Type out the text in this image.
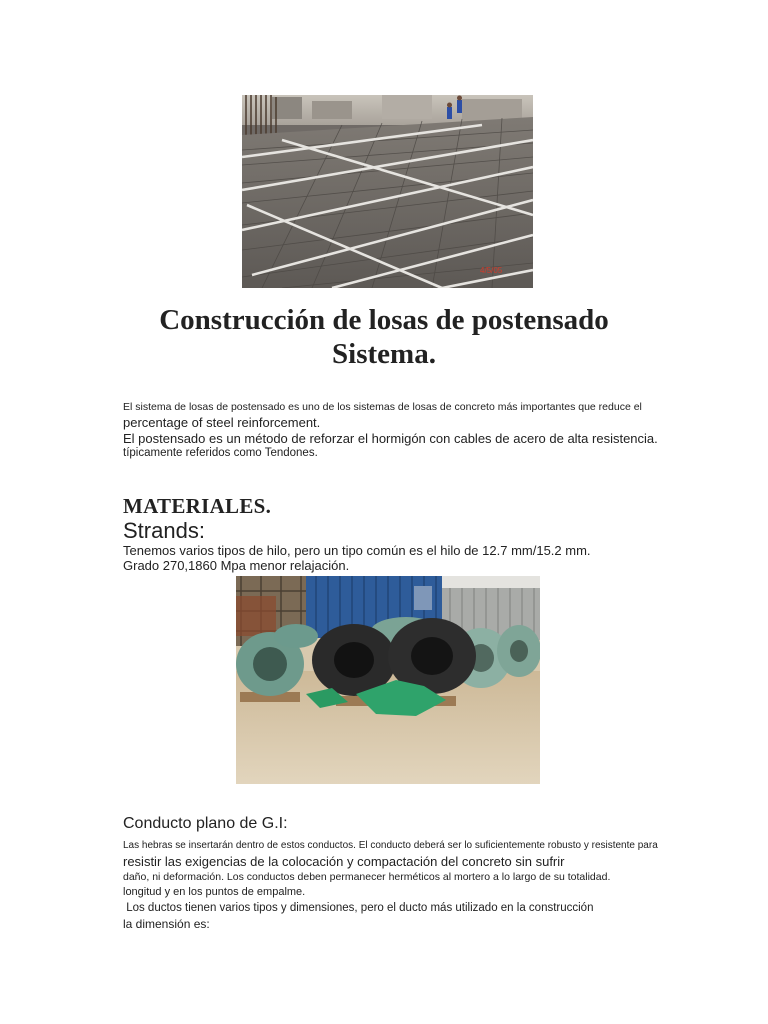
4/5/05
Construcción de losas de postensado
Sistema.
El sistema de losas de postensado es uno de los sistemas de losas de concreto más importantes que reduce el
percentage of steel reinforcement.
El postensado es un método de reforzar el hormigón con cables de acero de alta resistencia.
típicamente referidos como Tendones.
MATERIALES.
Strands:
Tenemos varios tipos de hilo, pero un tipo común es el hilo de 12.7 mm/15.2 mm.
Grado 270,1860 Mpa menor relajación.
Conducto plano de G.I:
Las hebras se insertarán dentro de estos conductos. El conducto deberá ser lo suficientemente robusto y resistente para
resistir las exigencias de la colocación y compactación del concreto sin sufrir
daño, ni deformación. Los conductos deben permanecer herméticos al mortero a lo largo de su totalidad.
longitud y en los puntos de empalme.
Los ductos tienen varios tipos y dimensiones, pero el ducto más utilizado en la construcción
la dimensión es:
